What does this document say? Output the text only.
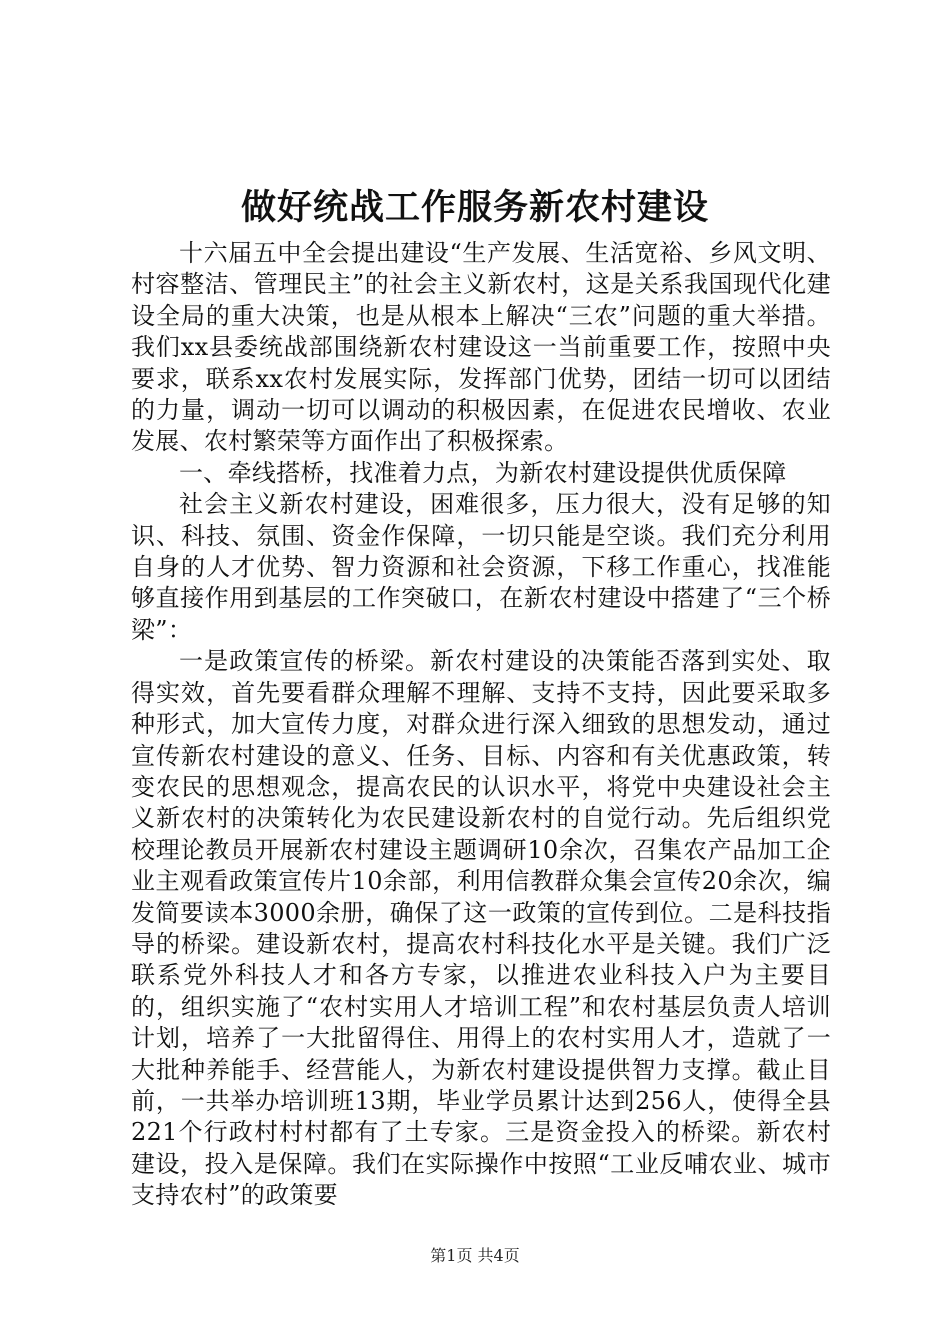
做好统战工作服务新农村建设

十六届五中全会提出建设“生产发展、生活宽裕、乡风文明、村容整洁、管理民主”的社会主义新农村，这是关系我国现代化建设全局的重大决策，也是从根本上解决“三农”问题的重大举措。我们xx县委统战部围绕新农村建设这一当前重要工作，按照中央要求，联系xx农村发展实际，发挥部门优势，团结一切可以团结的力量，调动一切可以调动的积极因素，在促进农民增收、农业发展、农村繁荣等方面作出了积极探索。

一、牵线搭桥，找准着力点，为新农村建设提供优质保障

社会主义新农村建设，困难很多，压力很大，没有足够的知识、科技、氛围、资金作保障，一切只能是空谈。我们充分利用自身的人才优势、智力资源和社会资源，下移工作重心，找准能够直接作用到基层的工作突破口，在新农村建设中搭建了“三个桥梁”：

一是政策宣传的桥梁。新农村建设的决策能否落到实处、取得实效，首先要看群众理解不理解、支持不支持，因此要采取多种形式，加大宣传力度，对群众进行深入细致的思想发动，通过宣传新农村建设的意义、任务、目标、内容和有关优惠政策，转变农民的思想观念，提高农民的认识水平，将党中央建设社会主义新农村的决策转化为农民建设新农村的自觉行动。先后组织党校理论教员开展新农村建设主题调研10余次，召集农产品加工企业主观看政策宣传片10余部，利用信教群众集会宣传20余次，编发简要读本3000余册，确保了这一政策的宣传到位。二是科技指导的桥梁。建设新农村，提高农村科技化水平是关键。我们广泛联系党外科技人才和各方专家，以推进农业科技入户为主要目的，组织实施了“农村实用人才培训工程”和农村基层负责人培训计划，培养了一大批留得住、用得上的农村实用人才，造就了一大批种养能手、经营能人，为新农村建设提供智力支撑。截止目前，一共举办培训班13期，毕业学员累计达到256人，使得全县221个行政村村村都有了土专家。三是资金投入的桥梁。新农村建设，投入是保障。我们在实际操作中按照“工业反哺农业、城市支持农村”的政策要

第1页 共4页
